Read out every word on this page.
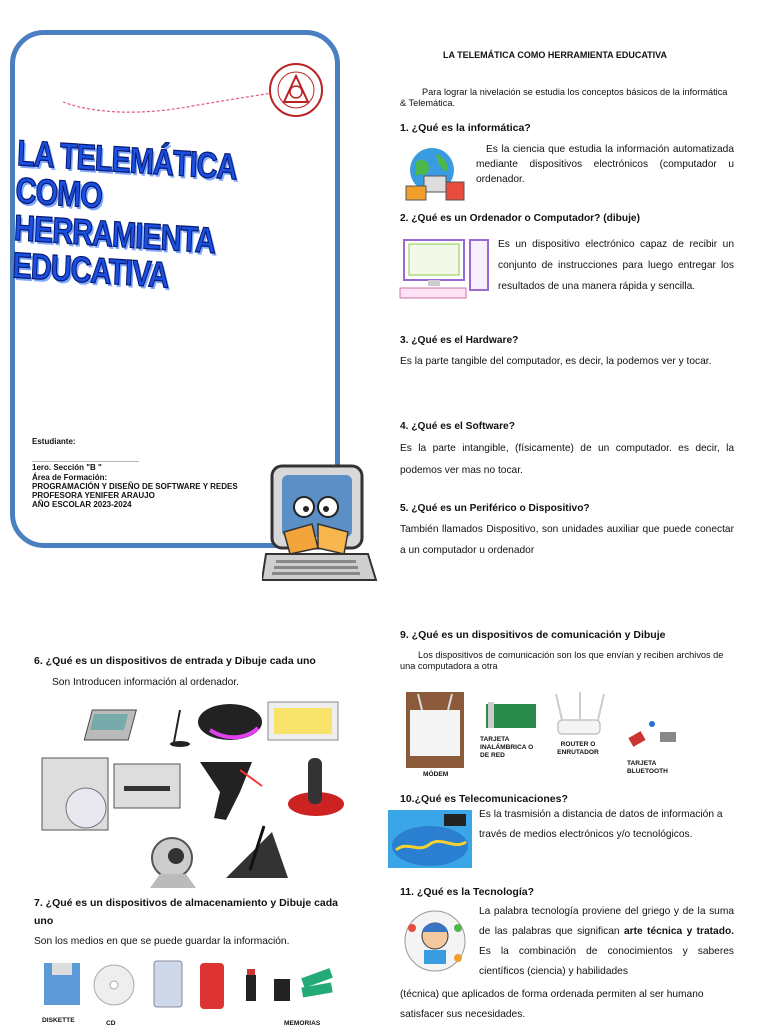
LA TELEMÁTICA COMO
HERRAMIENTA EDUCATIVA
Estudiante:
________________________
1ero. Sección "B "
Área de Formación:
PROGRAMACIÓN Y DISEÑO DE SOFTWARE Y REDES
PROFESORA YENIFER ARAUJO
AÑO ESCOLAR 2023-2024
LA TELEMÁTICA COMO HERRAMIENTA EDUCATIVA
Para lograr la nivelación se estudia los conceptos básicos de la informática & Telemática.
1. ¿Qué es la informática?
Es la ciencia que estudia la información automatizada mediante dispositivos electrónicos (computador u ordenador.
2. ¿Qué es un Ordenador o Computador? (dibuje)
Es un dispositivo electrónico capaz de recibir un conjunto de instrucciones para luego entregar los resultados de una manera rápida y sencilla.
3. ¿Qué es el Hardware?
Es la parte tangible del computador, es decir, la podemos ver y tocar.
4. ¿Qué es el Software?
Es la parte intangible, (físicamente) de un computador. es decir, la podemos ver mas no tocar.
5. ¿Qué es un Periférico o Dispositivo?
También llamados Dispositivo, son unidades auxiliar que puede conectar a un computador u ordenador
6. ¿Qué es un dispositivos de entrada y Dibuje cada uno
Son Introducen información al ordenador.
7. ¿Qué es un dispositivos de almacenamiento y Dibuje cada uno
Son los medios en que se puede guardar la información.
DISKETTE	CD	MEMORIAS
9. ¿Qué es un dispositivos de comunicación y Dibuje
Los dispositivos de comunicación son los que envían y reciben archivos de una computadora a otra
MÓDEM
TARJETA INALÁMBRICA O DE RED
ROUTER O ENRUTADOR
TARJETA BLUETOOTH
10.¿Qué es Telecomunicaciones?
Es la trasmisión a distancia de datos de información a través de medios electrónicos y/o tecnológicos.
11. ¿Qué es la Tecnología?
La palabra tecnología proviene del griego y de la suma de las palabras que significan arte técnica y tratado. Es la combinación de conocimientos y saberes científicos (ciencia) y habilidades
(técnica) que aplicados de forma ordenada permiten al ser humano satisfacer sus necesidades.
